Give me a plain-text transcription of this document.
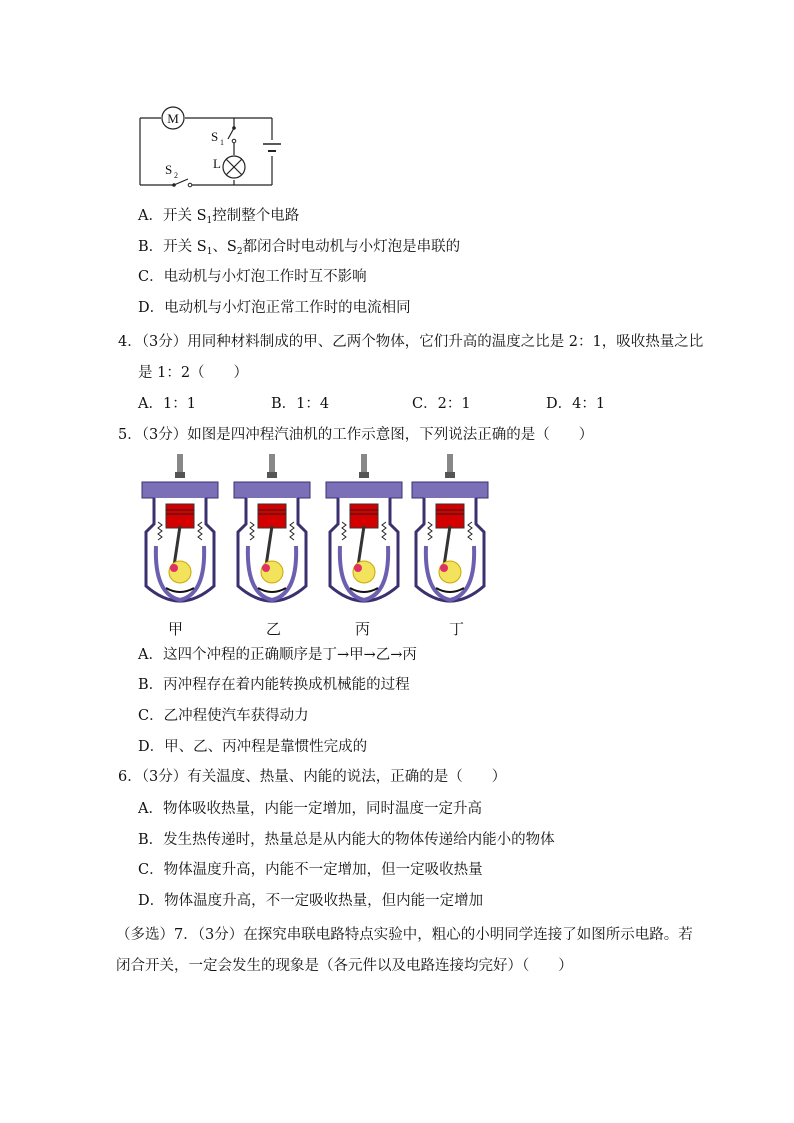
M
S 1
L
S 2
A．开关 $S_1$控制整个电路
B．开关 $S_1$、$S_2$都闭合时电动机与小灯泡是串联的
C．电动机与小灯泡工作时互不影响
D．电动机与小灯泡正常工作时的电流相同
4．（3分）用同种材料制成的甲、乙两个物体，它们升高的温度之比是 2：1，吸收热量之比
是 1：2（　　）
A．1：1	B．1：4	C．2：1	D．4：1
5．（3分）如图是四冲程汽油机的工作示意图，下列说法正确的是（　　）
甲	乙	丙	丁
A．这四个冲程的正确顺序是丁→甲→乙→丙
B．丙冲程存在着内能转换成机械能的过程
C．乙冲程使汽车获得动力
D．甲、乙、丙冲程是靠惯性完成的
6．（3分）有关温度、热量、内能的说法，正确的是（　　）
A．物体吸收热量，内能一定增加，同时温度一定升高
B．发生热传递时，热量总是从内能大的物体传递给内能小的物体
C．物体温度升高，内能不一定增加，但一定吸收热量
D．物体温度升高，不一定吸收热量，但内能一定增加
（多选）7．（3分）在探究串联电路特点实验中，粗心的小明同学连接了如图所示电路。若
闭合开关，一定会发生的现象是（各元件以及电路连接均完好）（　　）
